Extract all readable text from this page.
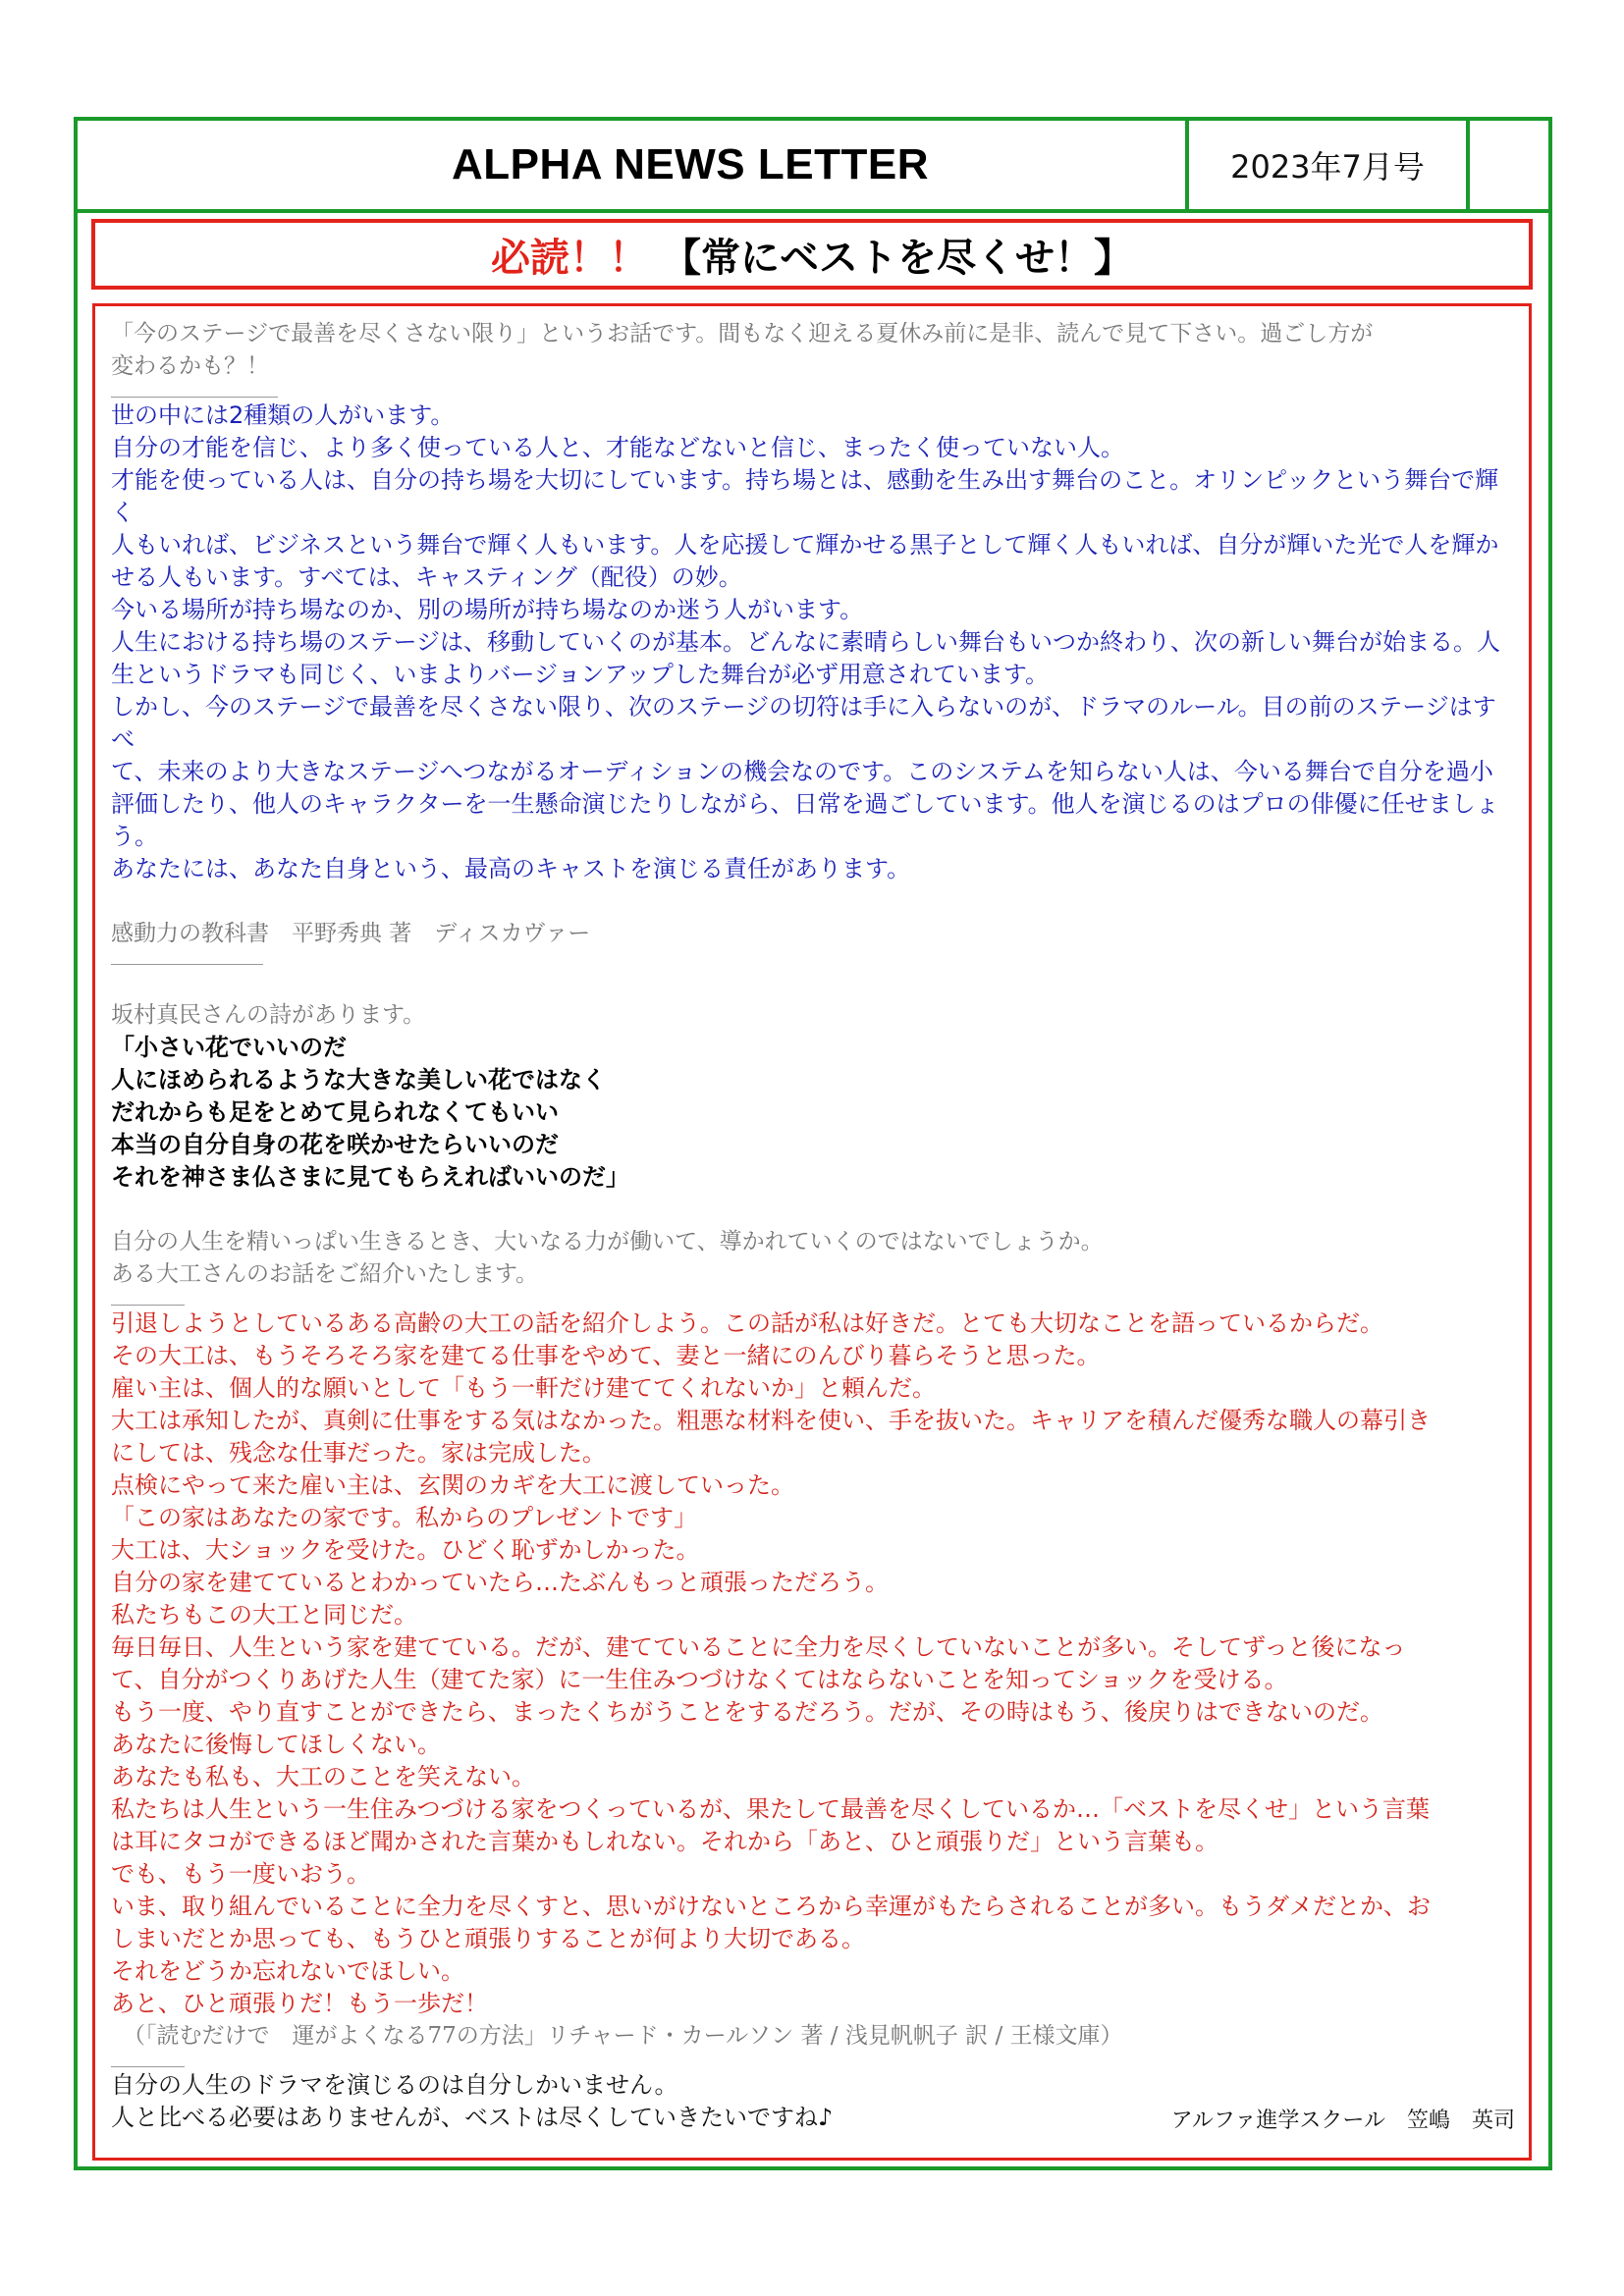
ALPHA NEWS LETTER	2023年7月号
必読！！ 【常にベストを尽くせ！】

「今のステージで最善を尽くさない限り」というお話です。間もなく迎える夏休み前に是非、読んで見て下さい。過ごし方が

変わるかも？！

世の中には2種類の人がいます。

自分の才能を信じ、より多く使っている人と、才能などないと信じ、まったく使っていない人。

才能を使っている人は、自分の持ち場を大切にしています。持ち場とは、感動を生み出す舞台のこと。オリンピックという舞台で輝く

人もいれば、ビジネスという舞台で輝く人もいます。人を応援して輝かせる黒子として輝く人もいれば、自分が輝いた光で人を輝か

せる人もいます。すべては、キャスティング（配役）の妙。

今いる場所が持ち場なのか、別の場所が持ち場なのか迷う人がいます。

人生における持ち場のステージは、移動していくのが基本。どんなに素晴らしい舞台もいつか終わり、次の新しい舞台が始まる。人

生というドラマも同じく、いまよりバージョンアップした舞台が必ず用意されています。

しかし、今のステージで最善を尽くさない限り、次のステージの切符は手に入らないのが、ドラマのルール。目の前のステージはすべ

て、未来のより大きなステージへつながるオーディションの機会なのです。このシステムを知らない人は、今いる舞台で自分を過小

評価したり、他人のキャラクターを一生懸命演じたりしながら、日常を過ごしています。他人を演じるのはプロの俳優に任せましょ

う。

あなたには、あなた自身という、最高のキャストを演じる責任があります。

感動力の教科書　平野秀典 著　ディスカヴァー

坂村真民さんの詩があります。

「小さい花でいいのだ

人にほめられるような大きな美しい花ではなく

だれからも足をとめて見られなくてもいい

本当の自分自身の花を咲かせたらいいのだ

それを神さま仏さまに見てもらえればいいのだ」

自分の人生を精いっぱい生きるとき、大いなる力が働いて、導かれていくのではないでしょうか。

ある大工さんのお話をご紹介いたします。

引退しようとしているある高齢の大工の話を紹介しよう。この話が私は好きだ。とても大切なことを語っているからだ。

その大工は、もうそろそろ家を建てる仕事をやめて、妻と一緒にのんびり暮らそうと思った。

雇い主は、個人的な願いとして「もう一軒だけ建ててくれないか」と頼んだ。

大工は承知したが、真剣に仕事をする気はなかった。粗悪な材料を使い、手を抜いた。キャリアを積んだ優秀な職人の幕引き

にしては、残念な仕事だった。家は完成した。

点検にやって来た雇い主は、玄関のカギを大工に渡していった。

「この家はあなたの家です。私からのプレゼントです」

大工は、大ショックを受けた。ひどく恥ずかしかった。

自分の家を建てているとわかっていたら…たぶんもっと頑張っただろう。

私たちもこの大工と同じだ。

毎日毎日、人生という家を建てている。だが、建てていることに全力を尽くしていないことが多い。そしてずっと後になっ

て、自分がつくりあげた人生（建てた家）に一生住みつづけなくてはならないことを知ってショックを受ける。

もう一度、やり直すことができたら、まったくちがうことをするだろう。だが、その時はもう、後戻りはできないのだ。

あなたに後悔してほしくない。

あなたも私も、大工のことを笑えない。

私たちは人生という一生住みつづける家をつくっているが、果たして最善を尽くしているか…「ベストを尽くせ」という言葉

は耳にタコができるほど聞かされた言葉かもしれない。それから「あと、ひと頑張りだ」という言葉も。

でも、もう一度いおう。

いま、取り組んでいることに全力を尽くすと、思いがけないところから幸運がもたらされることが多い。もうダメだとか、お

しまいだとか思っても、もうひと頑張りすることが何より大切である。

それをどうか忘れないでほしい。

あと、ひと頑張りだ！もう一歩だ！

（「読むだけで　運がよくなる77の方法」リチャード・カールソン 著 / 浅見帆帆子 訳 / 王様文庫）

自分の人生のドラマを演じるのは自分しかいません。

人と比べる必要はありませんが、ベストは尽くしていきたいですね♪	アルファ進学スクール　笠嶋　英司
